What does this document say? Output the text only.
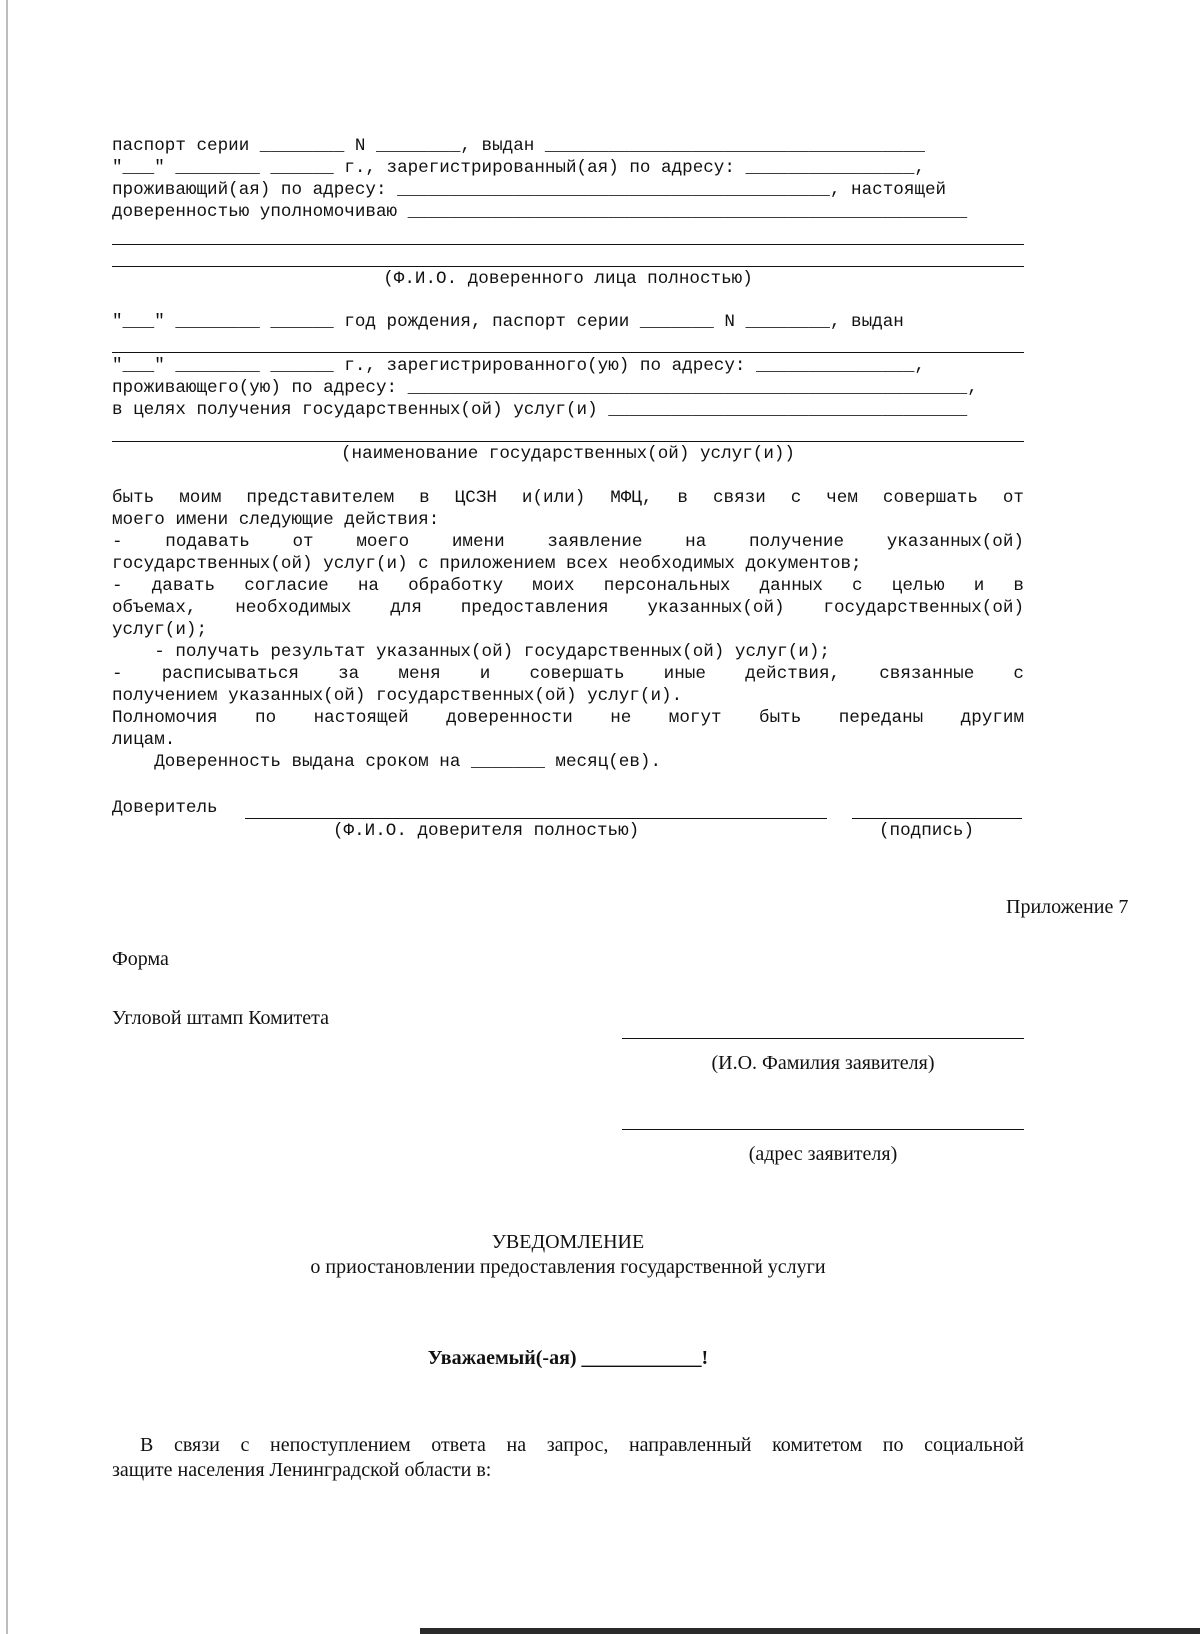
паспорт серии ________ N ________, выдан ____________________________________
"___" ________ ______ г., зарегистрированный(ая) по адресу: ________________,
проживающий(ая) по адресу: _________________________________________, настоящей
доверенностью уполномочиваю _____________________________________________________
(Ф.И.О. доверенного лица полностью)
"___" ________ ______ год рождения, паспорт серии _______ N ________, выдан
"___" ________ ______ г., зарегистрированного(ую) по адресу: _______________,
проживающего(ую) по адресу: _____________________________________________________,
в целях получения государственных(ой) услуг(и) __________________________________
(наименование государственных(ой) услуг(и))
быть моим представителем в ЦСЗН и(или) МФЦ, в связи с чем совершать от
моего имени следующие действия:
- подавать от моего имени заявление на получение указанных(ой)
государственных(ой) услуг(и) с приложением всех необходимых документов;
- давать согласие на обработку моих персональных данных с целью и в
объемах, необходимых для предоставления указанных(ой) государственных(ой)
услуг(и);
- получать результат указанных(ой) государственных(ой) услуг(и);
- расписываться за меня и совершать иные действия, связанные с
получением указанных(ой) государственных(ой) услуг(и).
Полномочия по настоящей доверенности не могут быть переданы другим
лицам.
Доверенность выдана сроком на _______ месяц(ев).
Доверитель
(Ф.И.О. доверителя полностью)	(подпись)
Приложение 7
Форма
Угловой штамп Комитета
(И.О. Фамилия заявителя)
(адрес заявителя)
УВЕДОМЛЕНИЕ
о приостановлении предоставления государственной услуги
Уважаемый(-ая) ____________!
В связи с непоступлением ответа на запрос, направленный комитетом по социальной
защите населения Ленинградской области в:
